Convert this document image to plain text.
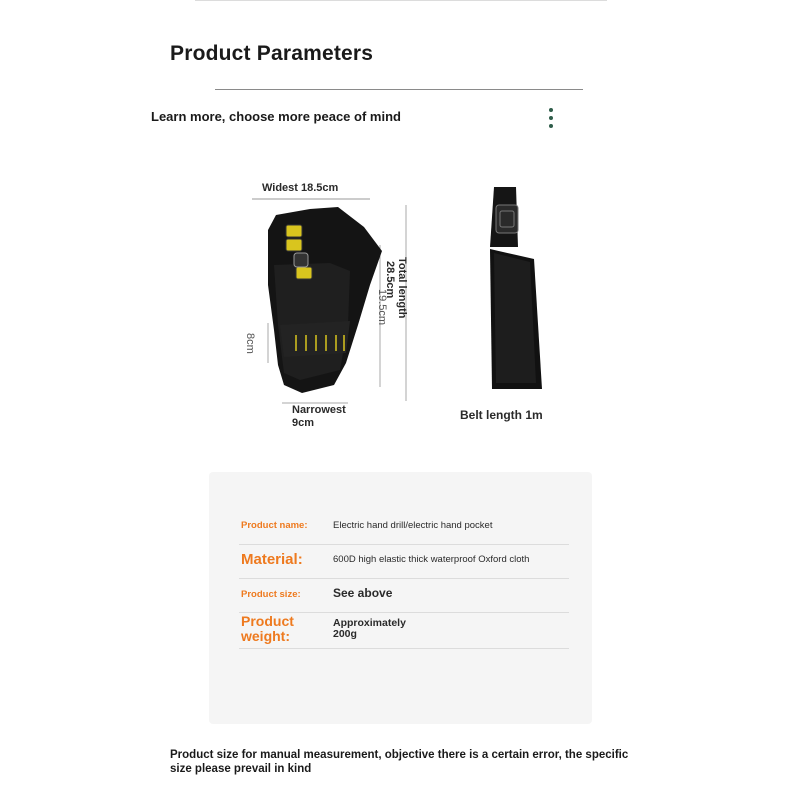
Product Parameters
Learn more, choose more peace of mind
Widest 18.5cm
Total length
28.5cm
19.5cm
8cm
Narrowest
9cm
Belt length 1m
Product name:	Electric hand drill/electric hand pocket
Material:	600D high elastic thick waterproof Oxford cloth
Product size:	See above
Product weight:
Approximately 200g
Product size for manual measurement, objective there is a certain error, the specific size please prevail in kind
